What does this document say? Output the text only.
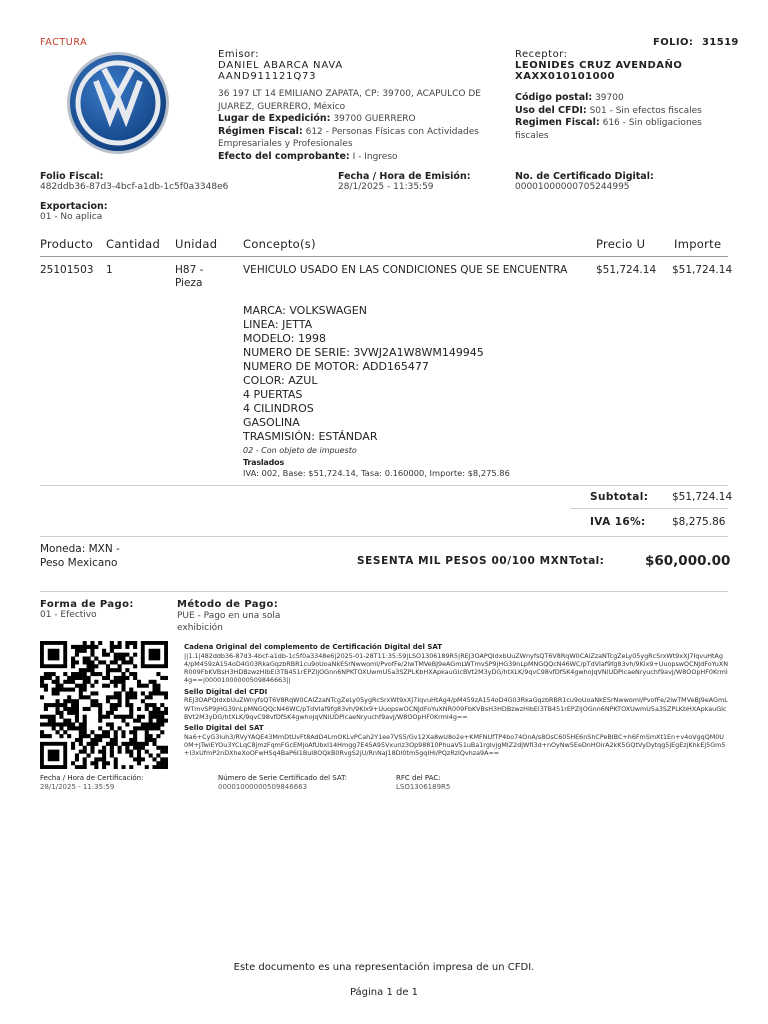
FACTURA	FOLIO: 31519
Emisor:
DANIEL ABARCA NAVA
AAND911121Q73
36 197 LT 14 EMILIANO ZAPATA, CP: 39700, ACAPULCO DE JUAREZ, GUERRERO, México
Lugar de Expedición: 39700 GUERRERO
Régimen Fiscal: 612 - Personas Físicas con Actividades Empresariales y Profesionales
Efecto del comprobante: I - Ingreso
Receptor:
LEONIDES CRUZ AVENDAÑO
XAXX010101000
Código postal: 39700
Uso del CFDI: S01 - Sin efectos fiscales
Regimen Fiscal: 616 - Sin obligaciones fiscales
Folio Fiscal:
482ddb36-87d3-4bcf-a1db-1c5f0a3348e6
Fecha / Hora de Emisión:
28/1/2025 - 11:35:59
No. de Certificado Digital:
00001000000705244995
Exportacion:
01 - No aplica
Producto Cantidad Unidad Concepto(s)	Precio U Importe
25101503 1	H87 - Pieza
VEHICULO USADO EN LAS CONDICIONES QUE SE ENCUENTRA	$51,724.14 $51,724.14
MARCA: VOLKSWAGEN
LINEA: JETTA
MODELO: 1998
NUMERO DE SERIE: 3VWJ2A1W8WM149945
NUMERO DE MOTOR: ADD165477
COLOR: AZUL
4 PUERTAS
4 CILINDROS
GASOLINA
TRASMISIÓN: ESTÁNDAR
02 - Con objeto de impuesto
Traslados
IVA: 002, Base: $51,724.14, Tasa: 0.160000, Importe: $8,275.86
Subtotal: $51,724.14
IVA 16%:	$8,275.86
Moneda: MXN - Peso Mexicano	SESENTA MIL PESOS 00/100 MXN Total:	$60,000.00
Forma de Pago:
01 - Efectivo
Método de Pago:
PUE - Pago en una sola exhibición
Cadena Original del complemento de Certificación Digital del SAT
||1.1|482ddb36-87d3-4bcf-a1db-1c5f0a3348e6|2025-01-28T11:35:59|LSO1306189R5|REJ3OAPQIdxbUuZWnyfsQT6V8RqW0CAlZzaNTcgZeLy05ygRcSrxWt9xXJ7IqvuHtAg4/pM459zA154oD4G03RkaGqzbRBR1cu9oUoaNkESrNwwomI/PvofFe/2lwTMVeBJ9eAGmLWTmvSP9jHG39nLpMNGQQcN46WC/pTdVIaf9fg83vh/9Klx9+UuopswOCNJdFoYuXNR009FbKVBsH3HDBzwzHIbEl3TB451rEPZljOGnn6NPKTOXUwmU5a3SZPLKbHXApkauGIcBVt2M3yDG/htXLK/9qvC98vfDfSK4gwhoJqVNlUDPlcaeNryuchf9avJ/W8OOpHF0KrmI4g==|00001000000509846663||
Sello Digital del CFDI
REJ3OAPQIdxbUuZWnyfsQT6V8RqW0CAlZzaNTcgZeLy05ygRcSrxWt9xXJ7IqvuHtAg4/pM459zA154oD4G03RkaGqzbRBR1cu9oUoaNkESrNwwomI/PvofFe/2lwTMVeBJ9eAGmLWTmvSP9jHG39nLpMNGQQcN46WC/pTdVIaf9fg83vh/9Klx9+UuopswOCNJdFoYuXNR009FbKVBsH3HDBzwzHIbEl3TB451rEPZljOGnn6NPKTOXUwmU5a3SZPLKbHXApkauGIcBVt2M3yDG/htXLK/9qvC98vfDfSK4gwhoJqVNlUDPlcaeNryuchf9avJ/W8OOpHF0KrmI4g==
Sello Digital del SAT
Na6+CyG3iuh3/RVyYAQE43MmDtUvFt8AdD4LmOKLvPCah2Y1ee7VS5/Gv12Xa8wU8o2e+KMFNUfTP4bo74OnA/s8OsC605HE6nShCPeBIBC+h6FmSmXt1En+v4oVgqQM0U0M+JTwiEYOu3YCLqC8jmzFqmFGcEMjoAfUbxI14Hmgg7E45A95Vxuriz3Op98810PhuaV51uBa1rgIvjgMIZ2djWfI3d+nOyNw5EeDnHOirA2kK5GQtVyDytqg5jEgEzjKhkEj5Gm5+I3xUfmP2nDXheXoOFwHSq4BaP6I1BuI8OQkB0RvgS2jU/RnNaJ18Dl0tm5gqIHi/PQzRzIQvhza9A==
Fecha / Hora de Certificación:
28/1/2025 - 11:35:59
Número de Serie Certificado del SAT:
00001000000509846663
RFC del PAC:
LSO1306189R5
Este documento es una representación impresa de un CFDI.
Página 1 de 1
